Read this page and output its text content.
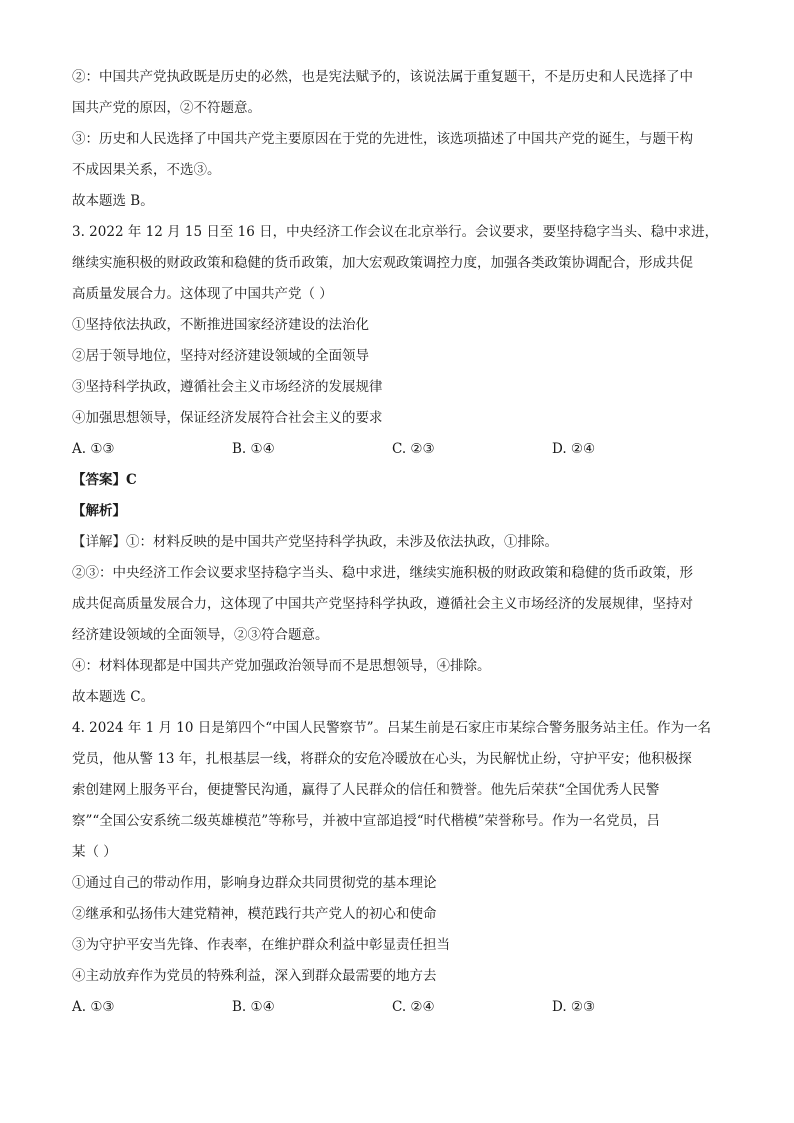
②：中国共产党执政既是历史的必然，也是宪法赋予的，该说法属于重复题干，不是历史和人民选择了中
国共产党的原因，②不符题意。
③：历史和人民选择了中国共产党主要原因在于党的先进性，该选项描述了中国共产党的诞生，与题干构
不成因果关系，不选③。
故本题选 B。
3. 2022 年 12 月 15 日至 16 日，中央经济工作会议在北京举行。会议要求，要坚持稳字当头、稳中求进，
继续实施积极的财政政策和稳健的货币政策，加大宏观政策调控力度，加强各类政策协调配合，形成共促
高质量发展合力。这体现了中国共产党（ ）
①坚持依法执政，不断推进国家经济建设的法治化
②居于领导地位，坚持对经济建设领域的全面领导
③坚持科学执政，遵循社会主义市场经济的发展规律
④加强思想领导，保证经济发展符合社会主义的要求
A. ①③	B. ①④	C. ②③	D. ②④
【答案】C
【解析】
【详解】①：材料反映的是中国共产党坚持科学执政，未涉及依法执政，①排除。
②③：中央经济工作会议要求坚持稳字当头、稳中求进，继续实施积极的财政政策和稳健的货币政策，形
成共促高质量发展合力，这体现了中国共产党坚持科学执政，遵循社会主义市场经济的发展规律，坚持对
经济建设领域的全面领导，②③符合题意。
④：材料体现都是中国共产党加强政治领导而不是思想领导，④排除。
故本题选 C。
4. 2024 年 1 月 10 日是第四个“中国人民警察节”。吕某生前是石家庄市某综合警务服务站主任。作为一名
党员，他从警 13 年，扎根基层一线，将群众的安危冷暖放在心头，为民解忧止纷，守护平安；他积极探
索创建网上服务平台，便捷警民沟通，赢得了人民群众的信任和赞誉。他先后荣获“全国优秀人民警
察”“全国公安系统二级英雄模范”等称号，并被中宣部追授“时代楷模”荣誉称号。作为一名党员，吕
某（ ）
①通过自己的带动作用，影响身边群众共同贯彻党的基本理论
②继承和弘扬伟大建党精神，模范践行共产党人的初心和使命
③为守护平安当先锋、作表率，在维护群众利益中彰显责任担当
④主动放弃作为党员的特殊利益，深入到群众最需要的地方去
A. ①③	B. ①④	C. ②④	D. ②③
